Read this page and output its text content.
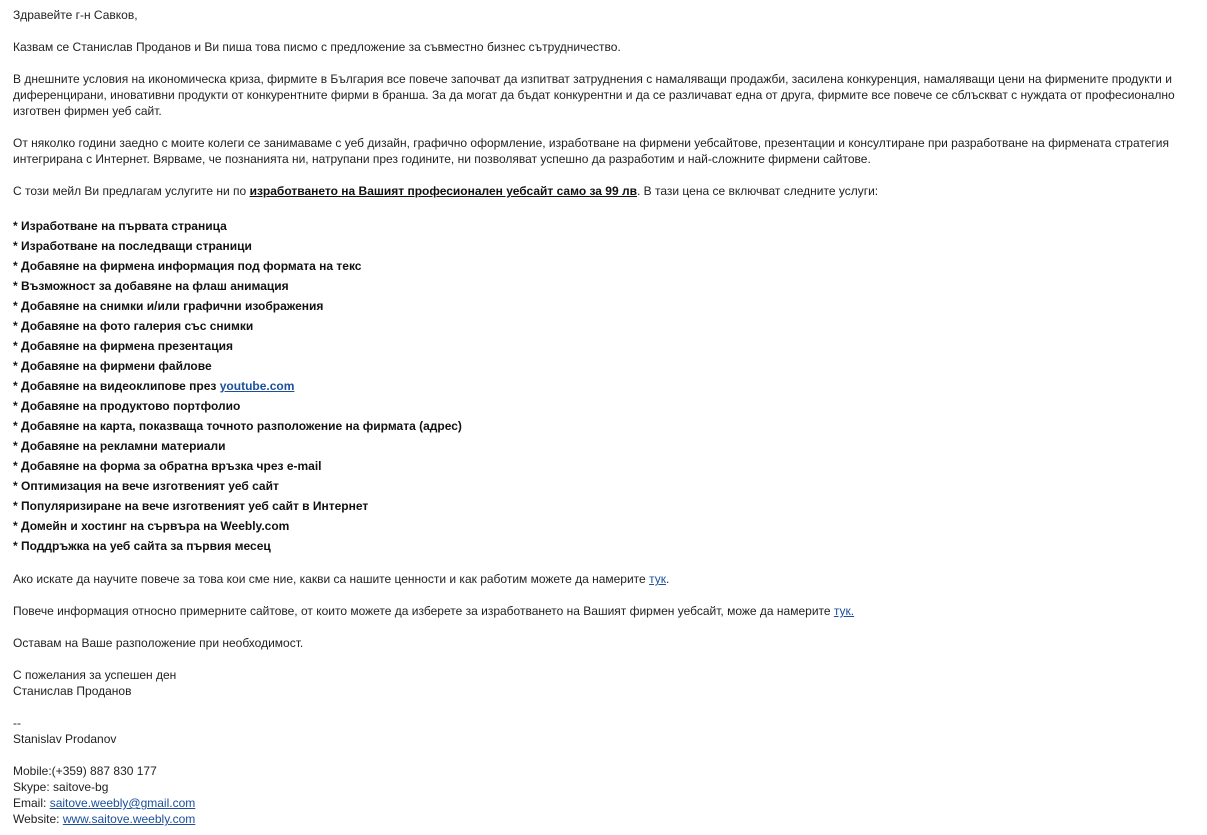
Здравейте г-н Савков,

Казвам се Станислав Проданов и Ви пиша това писмо с предложение за съвместно бизнес сътрудничество.

В днешните условия на икономическа криза, фирмите в България все повече започват да изпитват затруднения с намаляващи продажби, засилена конкуренция, намаляващи цени на фирмените продукти и диференцирани, иновативни продукти от конкурентните фирми в бранша. За да могат да бъдат конкурентни и да се различават една от друга, фирмите все повече се сблъскват с нуждата от професионално изготвен фирмен уеб сайт.

От няколко години заедно с моите колеги се занимаваме с уеб дизайн, графично оформление, изработване на фирмени уебсайтове, презентации и консултиране при разработване на фирмената стратегия интегрирана с Интернет. Вярваме, че познанията ни, натрупани през годините, ни позволяват успешно да разработим и най-сложните фирмени сайтове.

С този мейл Ви предлагам услугите ни по изработването на Вашият професионален уебсайт само за 99 лв. В тази цена се включват следните услуги:

* Изработване на първата страница
* Изработване на последващи страници
* Добавяне на фирмена информация под формата на текс
* Възможност за добавяне на флаш анимация
* Добавяне на снимки и/или графични изображения
* Добавяне на фото галерия със снимки
* Добавяне на фирмена презентация
* Добавяне на фирмени файлове
* Добавяне на видеоклипове през youtube.com
* Добавяне на продуктово портфолио
* Добавяне на карта, показваща точното разположение на фирмата (адрес)
* Добавяне на рекламни материали
* Добавяне на форма за обратна връзка чрез e-mail
* Оптимизация на вече изготвеният уеб сайт
* Популяризиране на вече изготвеният уеб сайт в Интернет
* Домейн и хостинг на сървъра на Weebly.com
* Поддръжка на уеб сайта за първия месец

Ако искате да научите повече за това кои сме ние, какви са нашите ценности и как работим можете да намерите тук.

Повече информация относно примерните сайтове, от които можете да изберете за изработването на Вашият фирмен уебсайт, може да намерите тук.

Оставам на Ваше разположение при необходимост.

С пожелания за успешен ден

Станислав Проданов

--

Stanislav Prodanov

Mobile:(+359) 887 830 177

Skype: saitove-bg

Email: saitove.weebly@gmail.com

Website: www.saitove.weebly.com
